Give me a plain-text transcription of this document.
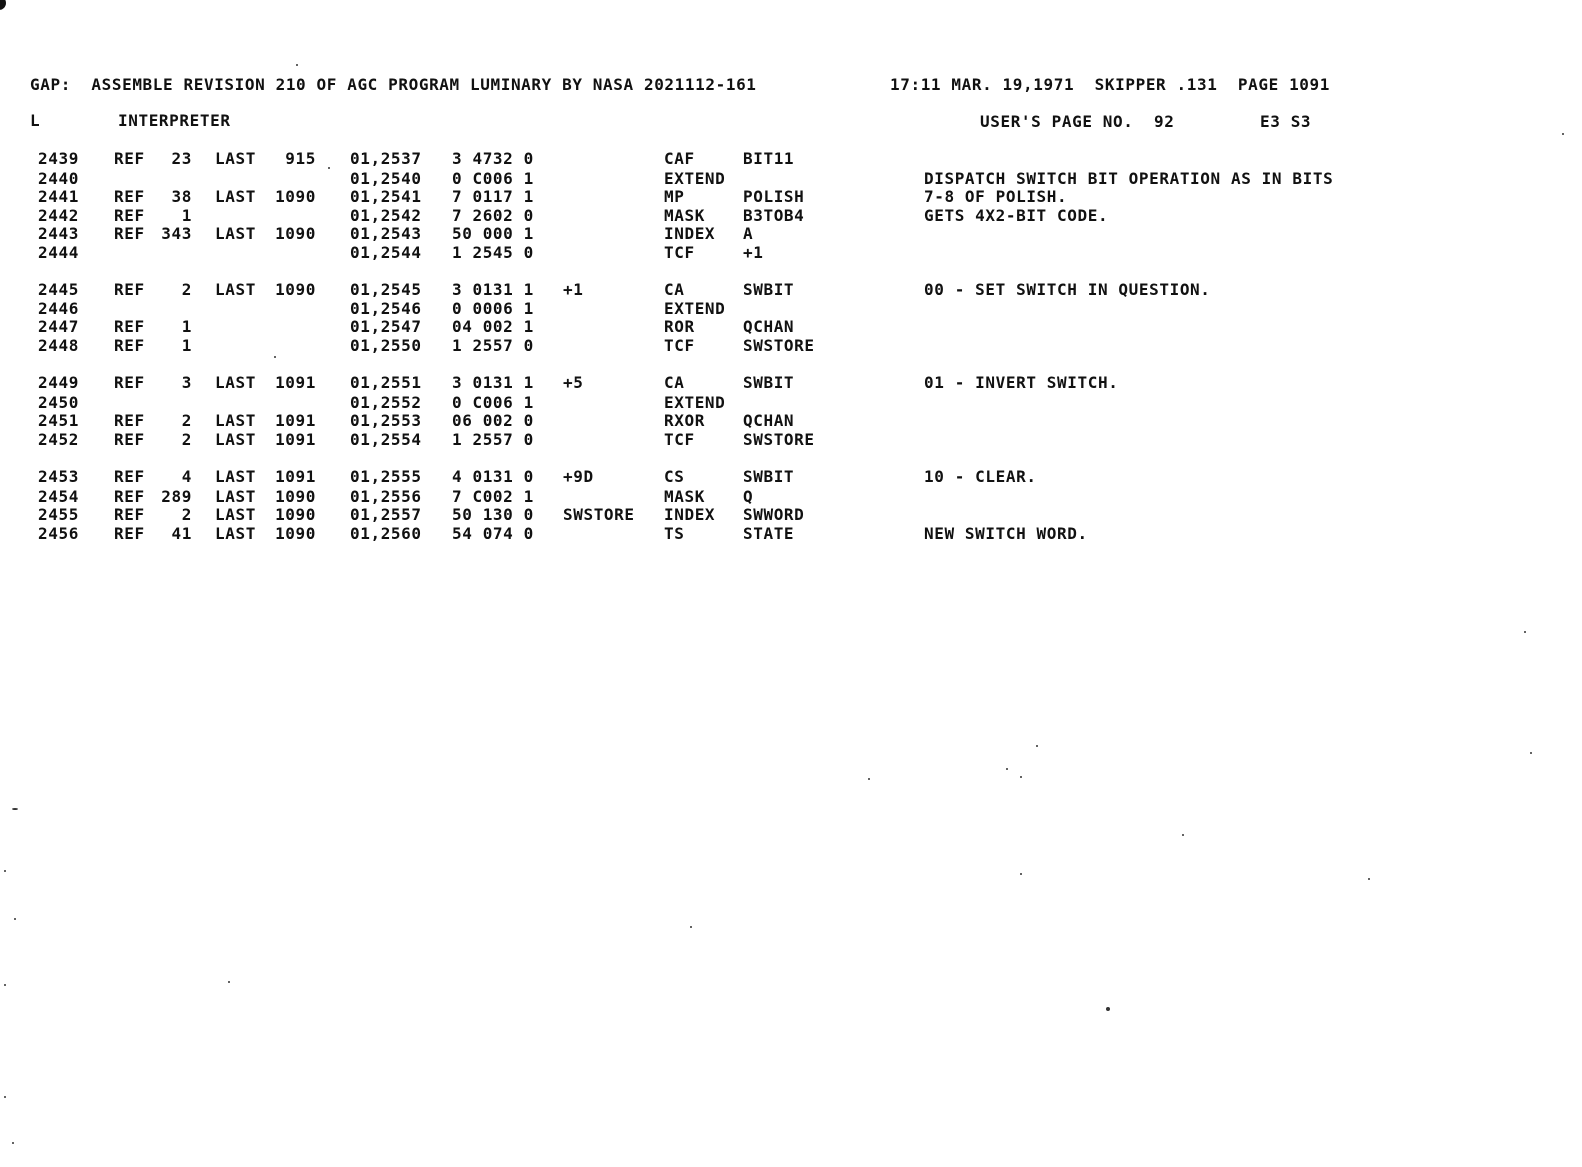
GAP:  ASSEMBLE REVISION 210 OF AGC PROGRAM LUMINARY BY NASA 2021112-161	17:11 MAR. 19,1971  SKIPPER .131  PAGE 1091
L	INTERPRETER	USER'S PAGE NO.  92	E3 S3
2439 REF	23 LAST	915 01,2537 3 4732 0	CAF	BIT11
2440	01,2540 0 C006 1	EXTEND	DISPATCH SWITCH BIT OPERATION AS IN BITS
2441 REF	38 LAST	1090 01,2541 7 0117 1	MP	POLISH	7-8 OF POLISH.
2442 REF	1	01,2542 7 2602 0	MASK B3TOB4	GETS 4X2-BIT CODE.
2443 REF 343 LAST	1090 01,2543 50 000 1	INDEX A
2444	01,2544 1 2545 0	TCF	+1
2445 REF	2 LAST	1090 01,2545 3 0131 1 +1	CA	SWBIT	00 - SET SWITCH IN QUESTION.
2446	01,2546 0 0006 1	EXTEND
2447 REF	1	01,2547 04 002 1	ROR	QCHAN
2448 REF	1	01,2550 1 2557 0	TCF	SWSTORE
2449 REF	3 LAST	1091 01,2551 3 0131 1 +5	CA	SWBIT	01 - INVERT SWITCH.
2450	01,2552 0 C006 1	EXTEND
2451 REF	2 LAST	1091 01,2553 06 002 0	RXOR QCHAN
2452 REF	2 LAST	1091 01,2554 1 2557 0	TCF	SWSTORE
2453 REF	4 LAST	1091 01,2555 4 0131 0 +9D	CS	SWBIT	10 - CLEAR.
2454 REF 289 LAST	1090 01,2556 7 C002 1	MASK Q
2455 REF	2 LAST	1090 01,2557 50 130 0 SWSTORE INDEX SWWORD
2456 REF	41 LAST	1090 01,2560 54 074 0	TS	STATE	NEW SWITCH WORD.
